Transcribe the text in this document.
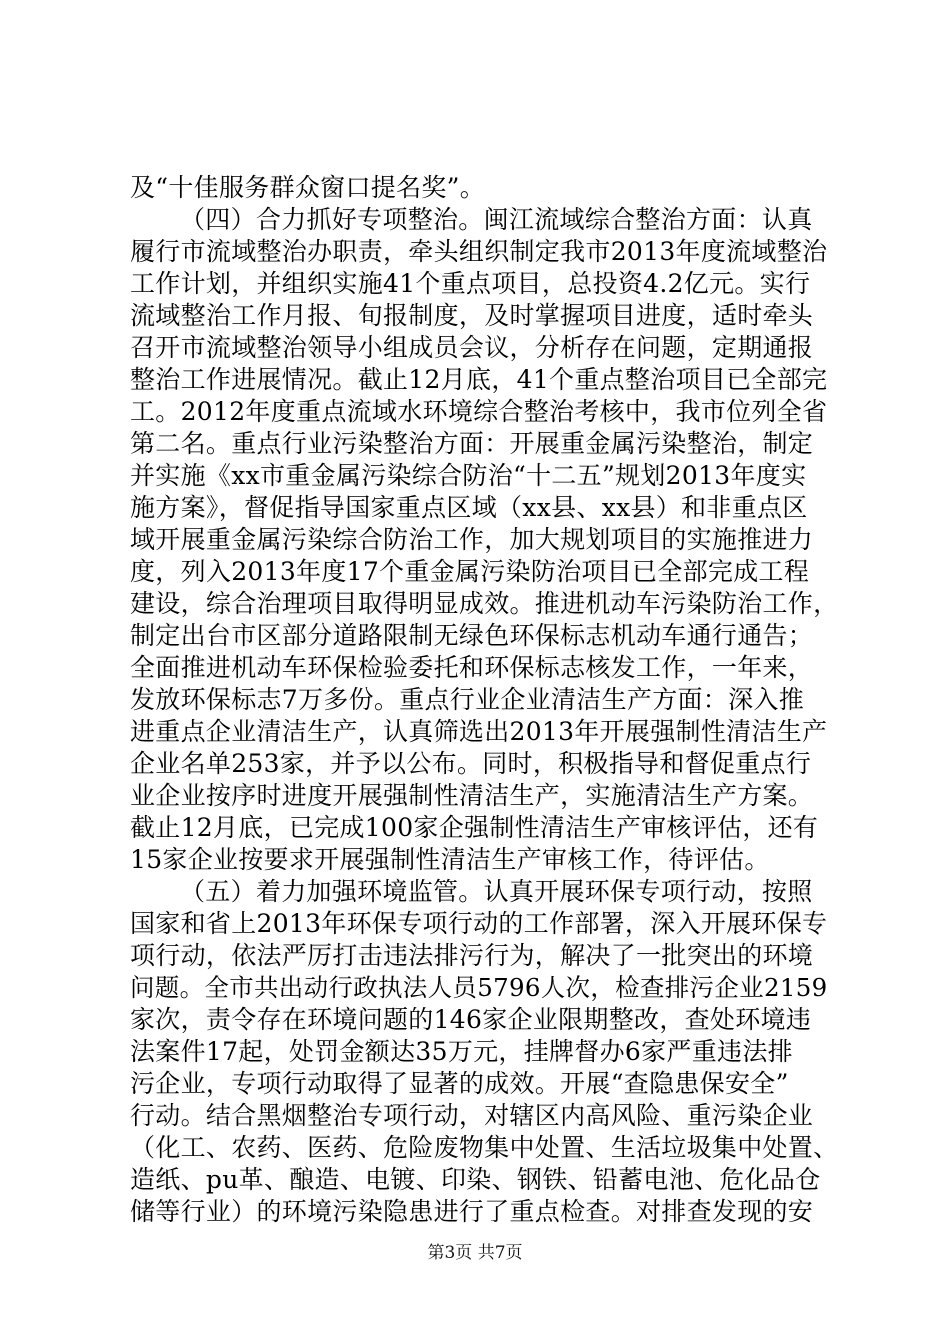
及“十佳服务群众窗口提名奖”。
（四）合力抓好专项整治。闽江流域综合整治方面：认真
履行市流域整治办职责，牵头组织制定我市2013年度流域整治
工作计划，并组织实施41个重点项目，总投资4.2亿元。实行
流域整治工作月报、旬报制度，及时掌握项目进度，适时牵头
召开市流域整治领导小组成员会议，分析存在问题，定期通报
整治工作进展情况。截止12月底，41个重点整治项目已全部完
工。2012年度重点流域水环境综合整治考核中，我市位列全省
第二名。重点行业污染整治方面：开展重金属污染整治，制定
并实施《xx市重金属污染综合防治“十二五”规划2013年度实
施方案》，督促指导国家重点区域（xx县、xx县）和非重点区
域开展重金属污染综合防治工作，加大规划项目的实施推进力
度，列入2013年度17个重金属污染防治项目已全部完成工程
建设，综合治理项目取得明显成效。推进机动车污染防治工作，
制定出台市区部分道路限制无绿色环保标志机动车通行通告；
全面推进机动车环保检验委托和环保标志核发工作，一年来，
发放环保标志7万多份。重点行业企业清洁生产方面：深入推
进重点企业清洁生产，认真筛选出2013年开展强制性清洁生产
企业名单253家，并予以公布。同时，积极指导和督促重点行
业企业按序时进度开展强制性清洁生产，实施清洁生产方案。
截止12月底，已完成100家企强制性清洁生产审核评估，还有
15家企业按要求开展强制性清洁生产审核工作，待评估。
（五）着力加强环境监管。认真开展环保专项行动，按照
国家和省上2013年环保专项行动的工作部署，深入开展环保专
项行动，依法严厉打击违法排污行为，解决了一批突出的环境
问题。全市共出动行政执法人员5796人次，检查排污企业2159
家次，责令存在环境问题的146家企业限期整改，查处环境违
法案件17起，处罚金额达35万元，挂牌督办6家严重违法排
污企业，专项行动取得了显著的成效。开展“查隐患保安全”
行动。结合黑烟整治专项行动，对辖区内高风险、重污染企业
（化工、农药、医药、危险废物集中处置、生活垃圾集中处置、
造纸、pu革、酿造、电镀、印染、钢铁、铅蓄电池、危化品仓
储等行业）的环境污染隐患进行了重点检查。对排查发现的安
第3页 共7页
